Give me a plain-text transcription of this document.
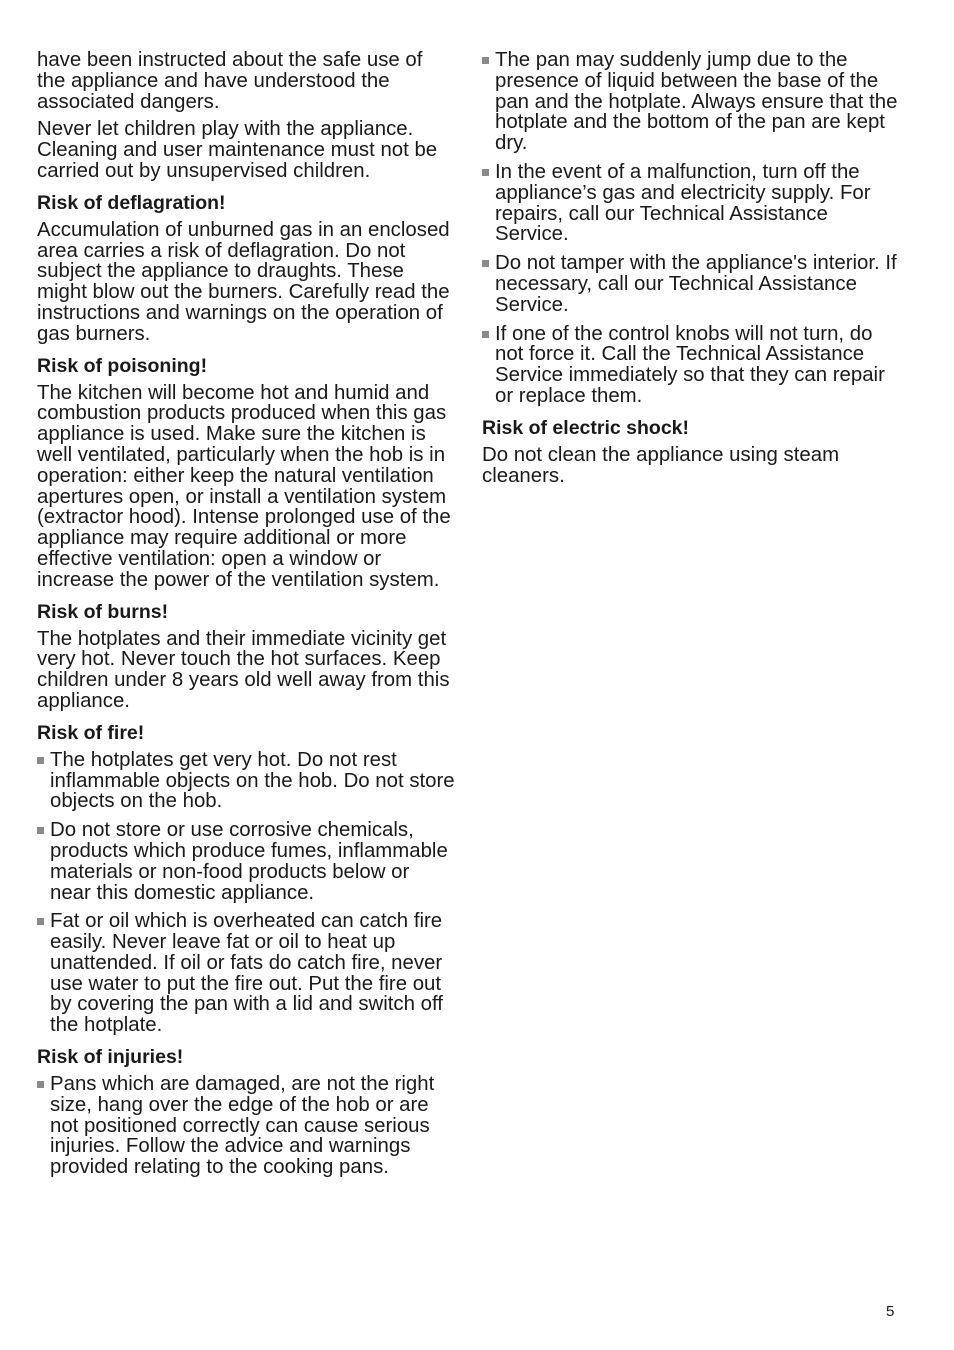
have been instructed about the safe use of the appliance and have understood the associated dangers.

Never let children play with the appliance. Cleaning and user maintenance must not be carried out by unsupervised children.

Risk of deflagration!

Accumulation of unburned gas in an enclosed area carries a risk of deflagration. Do not subject the appliance to draughts. These might blow out the burners. Carefully read the instructions and warnings on the operation of gas burners.

Risk of poisoning!

The kitchen will become hot and humid and combustion products produced when this gas appliance is used. Make sure the kitchen is well ventilated, particularly when the hob is in operation: either keep the natural ventilation apertures open, or install a ventilation system (extractor hood). Intense prolonged use of the appliance may require additional or more effective ventilation: open a window or increase the power of the ventilation system.

Risk of burns!

The hotplates and their immediate vicinity get very hot. Never touch the hot surfaces. Keep children under 8 years old well away from this appliance.

Risk of fire!
The hotplates get very hot. Do not rest inflammable objects on the hob. Do not store objects on the hob.
Do not store or use corrosive chemicals, products which produce fumes, inflammable materials or non-food products below or near this domestic appliance.
Fat or oil which is overheated can catch fire easily. Never leave fat or oil to heat up unattended. If oil or fats do catch fire, never use water to put the fire out. Put the fire out by covering the pan with a lid and switch off the hotplate.
Risk of injuries!
Pans which are damaged, are not the right size, hang over the edge of the hob or are not positioned correctly can cause serious injuries. Follow the advice and warnings provided relating to the cooking pans.
The pan may suddenly jump due to the presence of liquid between the base of the pan and the hotplate. Always ensure that the hotplate and the bottom of the pan are kept dry.
In the event of a malfunction, turn off the appliance’s gas and electricity supply. For repairs, call our Technical Assistance Service.
Do not tamper with the appliance's interior. If necessary, call our Technical Assistance Service.
If one of the control knobs will not turn, do not force it. Call the Technical Assistance Service immediately so that they can repair or replace them.
Risk of electric shock!

Do not clean the appliance using steam cleaners.

5
